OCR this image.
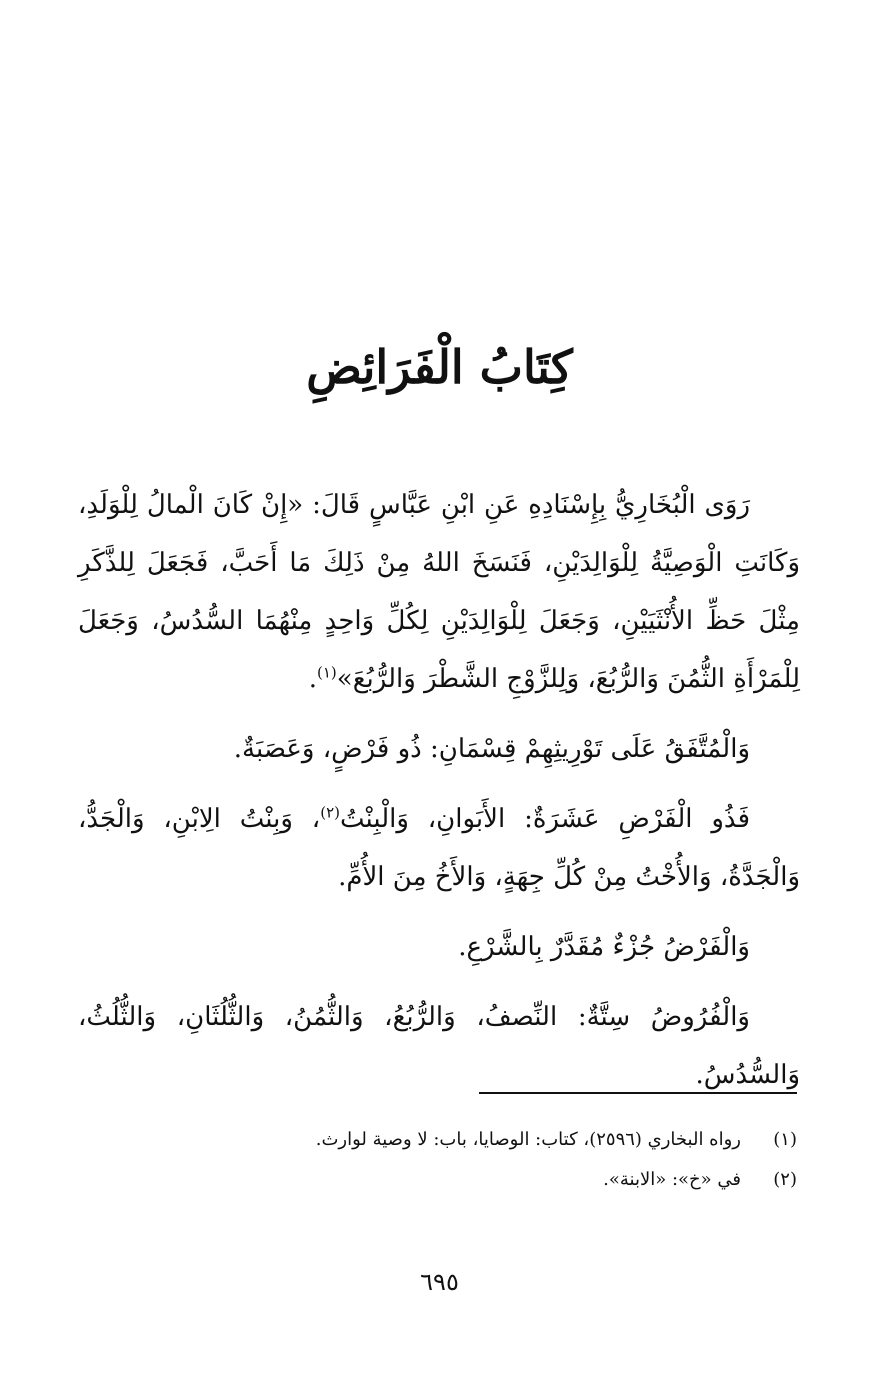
كِتَابُ الْفَرَائِضِ

رَوَى الْبُخَارِيُّ بِإِسْنَادِهِ عَنِ ابْنِ عَبَّاسٍ قَالَ: «إِنْ كَانَ الْمالُ لِلْوَلَدِ، وَكَانَتِ الْوَصِيَّةُ لِلْوَالِدَيْنِ، فَنَسَخَ اللهُ مِنْ ذَلِكَ مَا أَحَبَّ، فَجَعَلَ لِلذَّكَرِ مِثْلَ حَظِّ الأُنْثَيَيْنِ، وَجَعَلَ لِلْوَالِدَيْنِ لِكُلِّ وَاحِدٍ مِنْهُمَا السُّدُسُ، وَجَعَلَ لِلْمَرْأَةِ الثُّمُنَ وَالرُّبُعَ، وَلِلزَّوْجِ الشَّطْرَ وَالرُّبُعَ»$^{(١)}$.

وَالْمُتَّفَقُ عَلَى تَوْرِيثِهِمْ قِسْمَانِ: ذُو فَرْضٍ، وَعَصَبَةٌ.

فَذُو الْفَرْضِ عَشَرَةٌ: الأَبَوانِ، وَالْبِنْتُ$^{(٢)}$، وَبِنْتُ الِابْنِ، وَالْجَدُّ، وَالْجَدَّةُ، وَالأُخْتُ مِنْ كُلِّ جِهَةٍ، وَالأَخُ مِنَ الأُمِّ.

وَالْفَرْضُ جُزْءٌ مُقَدَّرٌ بِالشَّرْعِ.

وَالْفُرُوضُ سِتَّةٌ: النِّصفُ، وَالرُّبُعُ، وَالثُّمُنُ، وَالثُّلُثَانِ، وَالثُّلُثُ، وَالسُّدُسُ.

(١)
رواه البخاري (٢٥٩٦)، كتاب: الوصايا، باب: لا وصية لوارث.
(٢)
في «خ»: «الابنة».
٦٩٥
